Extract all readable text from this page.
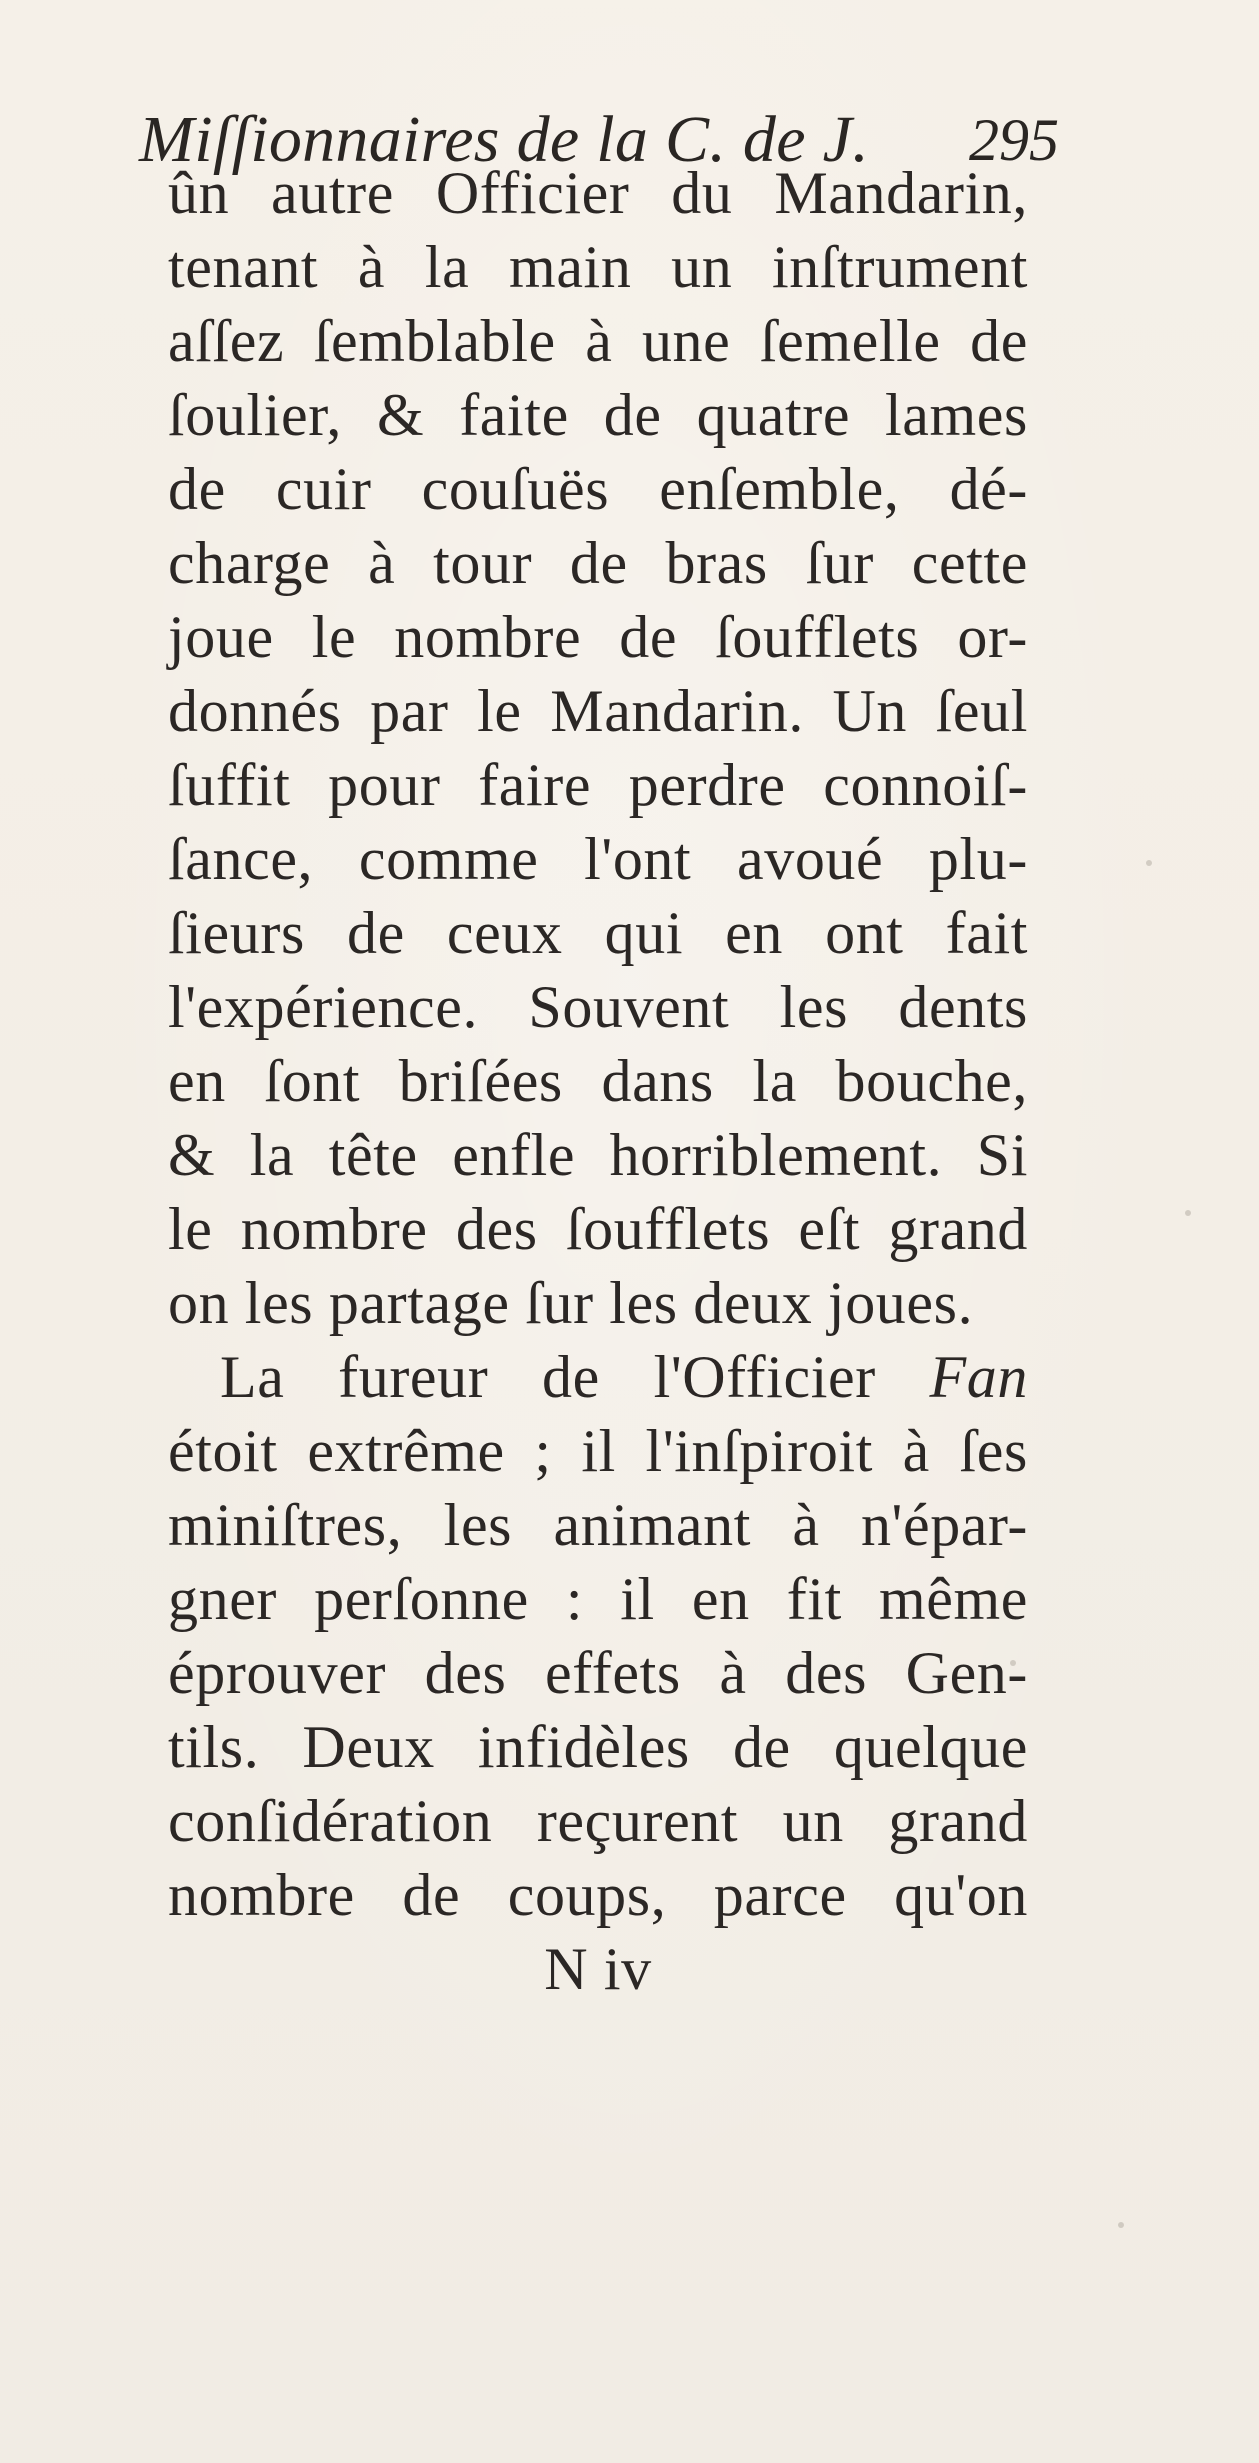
Miſſionnaires de la C. de J. 295
ûn autre Officier du Mandarin,
tenant à la main un inſtrument
aſſez ſemblable à une ſemelle de
ſoulier, & faite de quatre lames
de cuir couſuës enſemble, dé-
charge à tour de bras ſur cette
joue le nombre de ſoufflets or-
donnés par le Mandarin. Un ſeul
ſuffit pour faire perdre connoiſ-
ſance, comme l'ont avoué plu-
ſieurs de ceux qui en ont fait
l'expérience. Souvent les dents
en ſont briſées dans la bouche,
& la tête enfle horriblement. Si
le nombre des ſoufflets eſt grand
on les partage ſur les deux joues.
La fureur de l'Officier Fan
étoit extrême ; il l'inſpiroit à ſes
miniſtres, les animant à n'épar-
gner perſonne : il en fit même
éprouver des effets à des Gen-
tils. Deux infidèles de quelque
conſidération reçurent un grand
nombre de coups, parce qu'on
N iv
